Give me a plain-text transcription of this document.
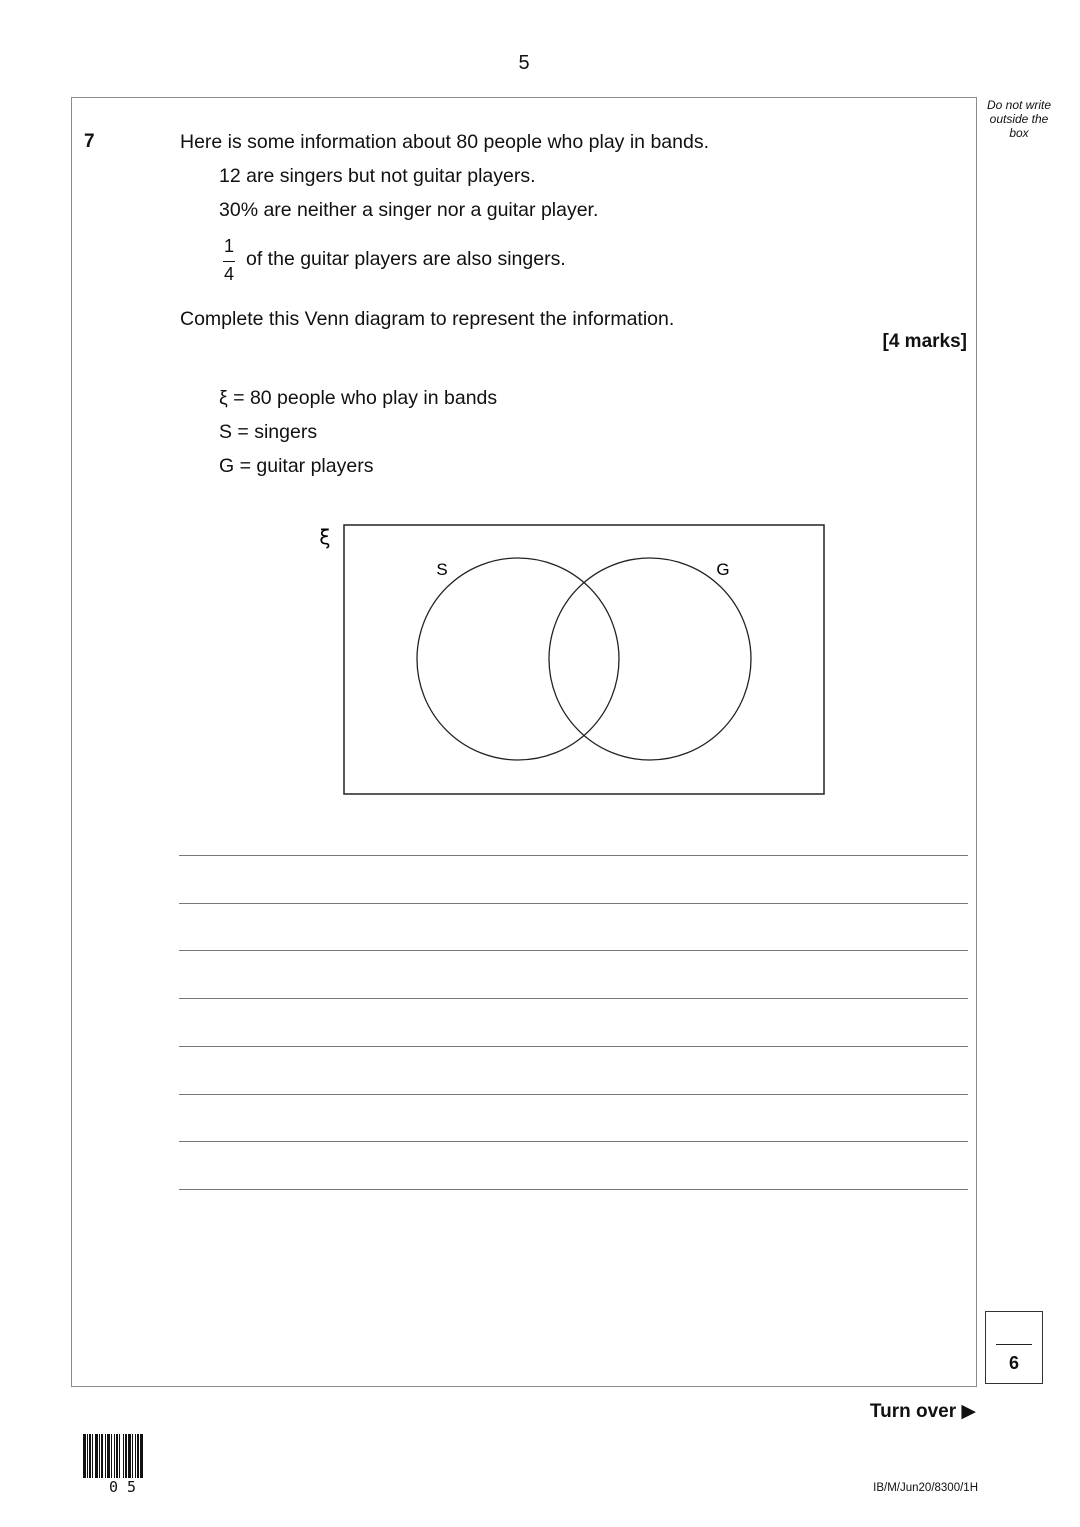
5
Do not write outside the box
7	Here is some information about 80 people who play in bands.
12 are singers but not guitar players.
30% are neither a singer nor a guitar player.
1
4
of the guitar players are also singers.
Complete this Venn diagram to represent the information.
[4 marks]
ξ = 80 people who play in bands
S = singers
G = guitar players
ξ
S	G
6
Turn over ▶
0 5	IB/M/Jun20/8300/1H
